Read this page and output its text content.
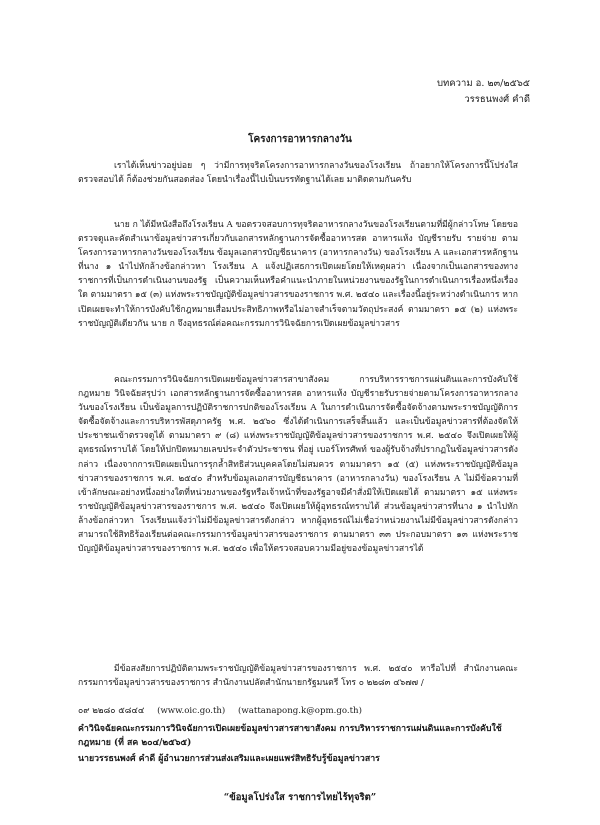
บทความ อ. ๒๓/๒๕๖๕
วรรธนพงศ์ คำดี
โครงการอาหารกลางวัน

เราได้เห็นข่าวอยู่บ่อย ๆ ว่ามีการทุจริตโครงการอาหารกลางวันของโรงเรียน ถ้าอยากให้โครงการนี้โปร่งใสตรวจสอบได้ ก็ต้องช่วยกันสอดส่อง โดยนำเรื่องนี้ไปเป็นบรรทัดฐานได้เลย มาติดตามกันครับ

นาย ก ได้มีหนังสือถึงโรงเรียน A ขอตรวจสอบการทุจริตอาหารกลางวันของโรงเรียนตามที่มีผู้กล่าวโทษ โดยขอตรวจดูและคัดสำเนาข้อมูลข่าวสารเกี่ยวกับเอกสารหลักฐานการจัดซื้ออาหารสด อาหารแห้ง บัญชีรายรับ รายจ่าย ตามโครงการอาหารกลางวันของโรงเรียน ข้อมูลเอกสารบัญชีธนาคาร (อาหารกลางวัน) ของโรงเรียน A และเอกสารหลักฐานที่นาง ๑ นำไปหักล้างข้อกล่าวหา โรงเรียน A แจ้งปฏิเสธการเปิดเผยโดยให้เหตุผลว่า เนื่องจากเป็นเอกสารของทางราชการที่เป็นการดำเนินงานของรัฐ เป็นความเห็นหรือคำแนะนำภายในหน่วยงานของรัฐในการดำเนินการเรื่องหนึ่งเรื่องใด ตามมาตรา ๑๕ (๓) แห่งพระราชบัญญัติข้อมูลข่าวสารของราชการ พ.ศ. ๒๕๔๐ และเรื่องนี้อยู่ระหว่างดำเนินการ หากเปิดเผยจะทำให้การบังคับใช้กฎหมายเสื่อมประสิทธิภาพหรือไม่อาจสำเร็จตามวัตถุประสงค์ ตามมาตรา ๑๕ (๒) แห่งพระราชบัญญัติเดียวกัน นาย ก จึงอุทธรณ์ต่อคณะกรรมการวินิจฉัยการเปิดเผยข้อมูลข่าวสาร

คณะกรรมการวินิจฉัยการเปิดเผยข้อมูลข่าวสารสาขาสังคม การบริหารราชการแผ่นดินและการบังคับใช้กฎหมาย วินิจฉัยสรุปว่า เอกสารหลักฐานการจัดซื้ออาหารสด อาหารแห้ง บัญชีรายรับรายจ่ายตามโครงการอาหารกลางวันของโรงเรียน เป็นข้อมูลการปฏิบัติราชการปกติของโรงเรียน A ในการดำเนินการจัดซื้อจัดจ้างตามพระราชบัญญัติการจัดซื้อจัดจ้างและการบริหารพัสดุภาครัฐ พ.ศ. ๒๕๖๐ ซึ่งได้ดำเนินการเสร็จสิ้นแล้ว และเป็นข้อมูลข่าวสารที่ต้องจัดให้ประชาชนเข้าตรวจดูได้ ตามมาตรา ๙ (๘) แห่งพระราชบัญญัติข้อมูลข่าวสารของราชการ พ.ศ. ๒๕๔๐ จึงเปิดเผยให้ผู้อุทธรณ์ทราบได้ โดยให้ปกปิดหมายเลขประจำตัวประชาชน ที่อยู่ เบอร์โทรศัพท์ ของผู้รับจ้างที่ปรากฏในข้อมูลข่าวสารดังกล่าว เนื่องจากการเปิดเผยเป็นการรุกล้ำสิทธิส่วนบุคคลโดยไม่สมควร ตามมาตรา ๑๕ (๕) แห่งพระราชบัญญัติข้อมูลข่าวสารของราชการ พ.ศ. ๒๕๔๐ สำหรับข้อมูลเอกสารบัญชีธนาคาร (อาหารกลางวัน) ของโรงเรียน A ไม่มีข้อความที่เข้าลักษณะอย่างหนึ่งอย่างใดที่หน่วยงานของรัฐหรือเจ้าหน้าที่ของรัฐอาจมีคำสั่งมิให้เปิดเผยได้ ตามมาตรา ๑๕ แห่งพระราชบัญญัติข้อมูลข่าวสารของราชการ พ.ศ. ๒๕๔๐ จึงเปิดเผยให้ผู้อุทธรณ์ทราบได้ ส่วนข้อมูลข่าวสารที่นาง ๑ นำไปหักล้างข้อกล่าวหา โรงเรียนแจ้งว่าไม่มีข้อมูลข่าวสารดังกล่าว หากผู้อุทธรณ์ไม่เชื่อว่าหน่วยงานไม่มีข้อมูลข่าวสารดังกล่าว สามารถใช้สิทธิร้องเรียนต่อคณะกรรมการข้อมูลข่าวสารของราชการ ตามมาตรา ๓๓ ประกอบมาตรา ๑๓ แห่งพระราชบัญญัติข้อมูลข่าวสารของราชการ พ.ศ. ๒๕๔๐ เพื่อให้ตรวจสอบความมีอยู่ของข้อมูลข่าวสารได้

มีข้อสงสัยการปฏิบัติตามพระราชบัญญัติข้อมูลข่าวสารของราชการ พ.ศ. ๒๕๔๐ หารือไปที่ สำนักงานคณะกรรมการข้อมูลข่าวสารของราชการ สำนักงานปลัดสำนักนายกรัฐมนตรี โทร ๐ ๒๒๘๓ ๔๖๗๗ /

๐๙ ๒๒๘๐ ๕๘๔๔ (www.oic.go.th) (wattanapong.k@opm.go.th)

คำวินิจฉัยคณะกรรมการวินิจฉัยการเปิดเผยข้อมูลข่าวสารสาขาสังคม การบริหารราชการแผ่นดินและการบังคับใช้กฎหมาย (ที่ สค ๒๐๔/๒๕๖๕)

นายวรรธนพงศ์ คำดี ผู้อำนวยการส่วนส่งเสริมและเผยแพร่สิทธิรับรู้ข้อมูลข่าวสาร
“ข้อมูลโปร่งใส ราชการไทยไร้ทุจริต”
